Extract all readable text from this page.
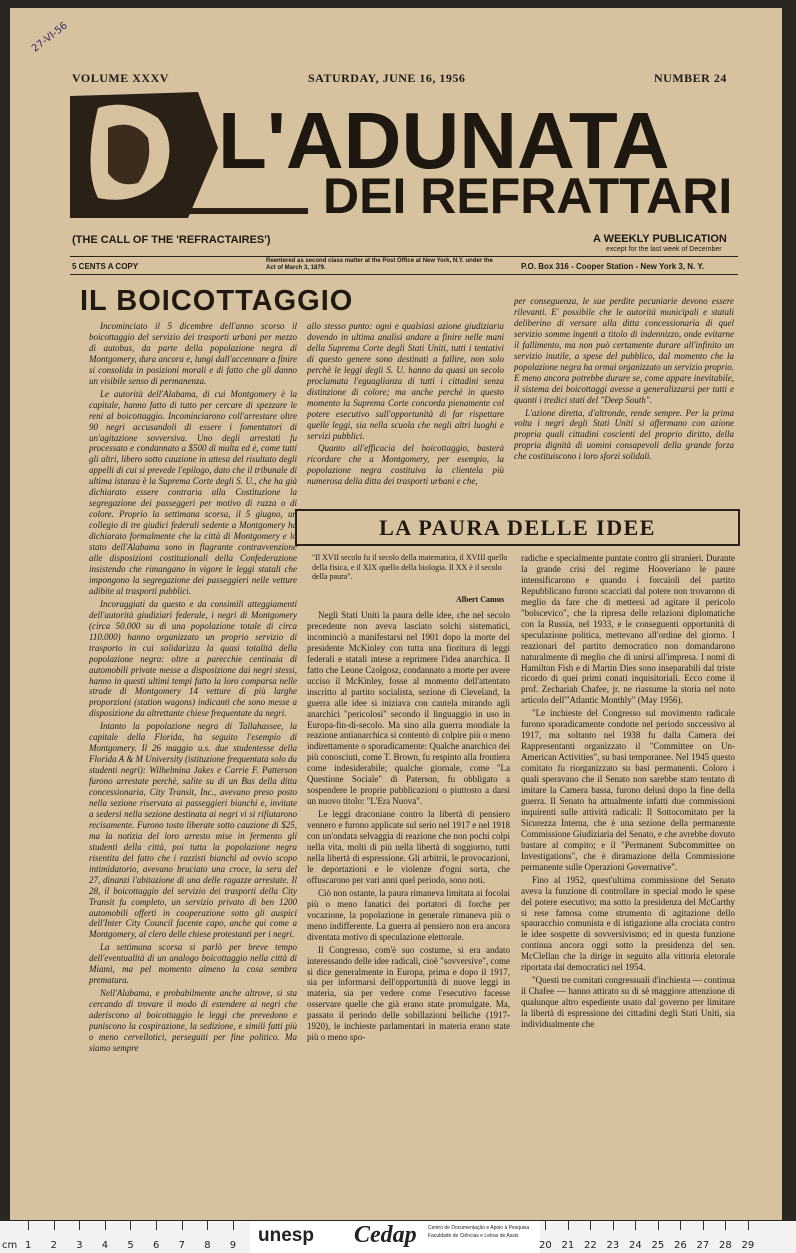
27-VI-56
VOLUME XXXV	SATURDAY, JUNE 16, 1956	NUMBER 24
L'ADUNATA
DEI REFRATTARI
(THE CALL OF THE 'REFRACTAIRES')	A WEEKLY PUBLICATION
except for the last week of December
5 CENTS A COPY
Reentered as second class matter at the Post Office at New York, N.Y. under the Act of March 3, 1879.	P.O. Box 316 - Cooper Station - New York 3, N. Y.
IL BOICOTTAGGIO

Incominciato il 5 dicembre dell'anno scorso il boicottaggio del servizio dei trasporti urbani per mezzo di autobus, da parte della popolazione negra di Montgomery, dura ancora e, lungi dall'accennare a finire si consolida in posizioni morali e di fatto che gli danno un visibile senso di permanenza.

Le autorità dell'Alabama, di cui Montgomery è la capitale, hanno fatto di tutto per cercare di spezzare le reni al boicottaggio. Incominciarono coll'arrestare oltre 90 negri accusandoli di essere i fomentatori di un'agitazione sovversiva. Uno degli arrestati fu processato e condannato a $500 di multa ed è, come tutti gli altri, libero sotto cauzione in attesa del risultato degli appelli di cui si prevede l'epilogo, dato che il tribunale di ultima istanza è la Suprema Corte degli S. U., che ha già dichiarato essere contraria alla Costituzione la segregazione dei passeggeri per motivo di razza o di colore. Proprio la settimana scorsa, il 5 giugno, un collegio di tre giudici federali sedente a Montgomery ha dichiarato formalmente che la città di Montgomery e lo stato dell'Alabama sono in flagrante contravvenzione alle disposizioni costituzionali della Confederazione insistendo che rimangano in vigore le leggi statali che impongono la segregazione dei passeggieri nelle vetture adibite al trasporti pubblici.

Incoraggiati da questo e da consimili atteggiamenti dell'autorità giudiziari federale, i negri di Montgomery (circa 50.000 su di una popolazione totale di circa 110.000) hanno organizzato un proprio servizio di trasporto in cui solidarizza la quasi totalità della popolazione negra: oltre a parecchie centinaia di automobili private messe a disposizione dai negri stessi, hanno in questi ultimi tempi fatto la loro comparsa nelle strade di Montgomery 14 vetture di più larghe proporzioni (station wagons) indicanti che sono messe a disposizione da altrettante chiese frequentate da negri.

Intanto la popolazione negra di Tallahassee, la capitale della Florida, ha seguito l'esempio di Montgomery. Il 26 maggio u.s. due studentesse della Florida A & M University (istituzione frequentata solo da studenti negri): Wilhelmina Jakes e Carrie F. Patterson furono arrestate perchè, salite su di un Bus della ditta concessionaria, City Transit, Inc., avevano preso posto nella sezione riservata ai passeggieri bianchi e, invitate a sedersi nella sezione destinata ai negri vi si rifiutarono recisamente. Furono tosto liberate sotto cauzione di $25, ma la notizia del loro arresto mise in fermento gli studenti della città, poi tutta la popolazione negra risentita del fatto che i razzisti bianchi ad ovvio scopo intimidatorio, avevano bruciato una croce, la sera del 27, dinanzi l'abitazione di una delle ragazze arrestate. Il 28, il boicottaggio del servizio dei trasporti della City Transit fu completo, un servizio privato di ben 1200 automobili offerti in cooperazione sotto gli auspici dell'Inter City Council facente capo, anche qui come a Montgomery, al clero delle chiese protestanti per i negri.

La settimana scorsa si parlò per breve tempo dell'eventualità di un analogo boicottaggio nella città di Miami, ma pel momento almeno la cosa sembra prematura.

Nell'Alabama, e probabilmente anche altrove, si sta cercando di trovare il modo di estendere ai negri che aderiscono al boicottaggio le leggi che prevedono e puniscono la cospirazione, la sedizione, e simili fatti più o meno cervellotici, perseguiti per fine politico. Ma siamo sempre

allo stesso punto: ogni e qualsiasi azione giudiziaria dovendo in ultima analisi andare a finire nelle mani della Suprema Corte degli Stati Uniti, tutti i tentativi di questo genere sono destinati a fallire, non solo perchè le leggi degli S. U. hanno da quasi un secolo proclamata l'eguaglianza di tutti i cittadini senza distinzione di colore; ma anche perchè in questo momento la Suprema Corte concorda pienamente col potere esecutivo sull'opportunità di far rispettare quelle leggi, sia nella scuola che negli altri luoghi e servizi pubblici.

Quanto all'efficacia del boicottaggio, basterà ricordare che a Montgomery, per esempio, la popolazione negra costituiva la clientela più numerosa della ditta dei trasporti urbani e che,

per conseguenza, le sue perdite pecuniarie devono essere rilevanti. E' possibile che le autorità municipali e statali deliberino di versare alla ditta concessionaria di quel servizio somme ingenti a titolo di indennizzo, onde evitarne il fallimento, ma non può certamente durare all'infinito un servizio inutile, a spese del pubblico, dal momento che la popolazione negra ha ormai organizzato un servizio proprio. E meno ancora potrebbe durare se, come appare inevitabile, il sistema dei boicottaggi avesse a generalizzarsi per tutti e quanti i tredici stati del "Deep South".

L'azione diretta, d'altronde, rende sempre. Per la prima volta i negri degli Stati Uniti si affermano con azione propria quali cittadini coscienti del proprio diritto, della propria dignità di uomini consapevoli della grande forza che costituiscono i loro sforzi solidali.

LA PAURA DELLE IDEE
"Il XVII secolo fu il secolo della matematica, il XVIII quello della fisica, e il XIX quello della biologia. Il XX è il secolo della paura".
Albert Camus

Negli Stati Uniti la paura delle idee, che nel secolo precedente non aveva lasciato solchi sistematici, incominciò a manifestarsi nel 1901 dopo la morte del presidente McKinley con tutta una fioritura di leggi federali e statali intese a reprimere l'idea anarchica. Il fatto che Leone Czolgosz, condannato a morte per avere ucciso il McKinley, fosse al momento dell'attentato inscritto al partito socialista, sezione di Cleveland, la guerra alle idee si iniziava con cautela mirando agli anarchici "pericolosi" secondo il linguaggio in uso in Europa-fin-di-secolo. Ma sino alla guerra mondiale la reazione antianarchica si contentò di colpire più o meno indirettamente o sporadicamente: Qualche anarchico dei più conosciuti, come T. Brown, fu respinto alla frontiera come indesiderabile; qualche giornale, come "La Questione Sociale" di Paterson, fu obbligato a sospendere le proprie pubblicazioni o piuttosto a darsi un nuovo titolo: "L'Era Nuova".

Le leggi draconiane contro la libertà di pensiero vennero e furono applicate sul serio nel 1917 e nel 1918 con un'ondata selvaggia di reazione che non pochi colpì nella vita, molti di più nella libertà di soggiorno, tutti nella libertà di espressione. Gli arbitrii, le provocazioni, le deportazioni e le violenze d'ogni sorta, che offuscarono per vari anni quel periodo, sono noti.

Ciò non ostante, la paura rimaneva limitata ai focolai più o meno fanatici dei portatori di forche per vocazione, la popolazione in generale rimaneva più o meno indifferente. La guerra al pensiero non era ancora diventata motivo di speculazione elettorale.

Il Congresso, com'è suo costume, si era andato interessando delle idee radicali, cioè "sovversive", come si dice generalmente in Europa, prima e dopo il 1917, sia per informarsi dell'opportunità di nuove leggi in materia, sia per vedere come l'esecutivo facesse osservare quelle che già erano state promulgate. Ma, passato il periodo delle sobillazioni belliche (1917-1920), le inchieste parlamentari in materia erano state più o meno spo-

radiche e specialmente puntate contro gli stranieri. Durante la grande crisi del regime Hooveriano le paure intensificarono e quando i forcaioli del partito Repubblicano furono scacciati dal potere non trovarono di meglio da fare che di mettersi ad agitare il pericolo "bolscevico", che la ripresa delle relazioni diplomatiche con la Russia, nel 1933, e le conseguenti opportunità di speculazione politica, mettevano all'ordine del giorno. I reazionari del partito democratico non domandarono naturalmente di meglio che di unirsi all'impresa. I nomi di Hamilton Fish e di Martin Dies sono inseparabili dal triste ricordo di quei primi conati inquisitoriali. Ecco come il prof. Zechariah Chafee, jr. ne riassume la storia nel noto articolo dell'"Atlantic Monthly" (May 1956).

"Le inchieste del Congresso sul movimento radicale furono sporadicamente condotte nel periodo successivo al 1917, ma soltanto nel 1938 fu dalla Camera dei Rappresentanti organizzato il "Committee on Un-American Activities", su basi temporanee. Nel 1945 questo comitato fu riorganizzato su basi permanenti. Coloro i quali speravano che il Senato non sarebbe stato tentato di imitare la Camera bassa, furono delusi dopo la fine della guerra. Il Senato ha attualmente infatti due commissioni inquirenti sulle attività radicali: Il Sottocomitato per la Sicurezza Interna, che è una sezione della permanente Commissione Giudiziaria del Senato, e che avrebbe dovuto bastare al compito; e il "Permanent Subcommittee on Investigations", che è diramazione della Commissione permanente sulle Operazioni Governative".

Fino al 1952, quest'ultima commissione del Senato aveva la funzione di controllare in special modo le spese del potere esecutivo; ma sotto la presidenza del McCarthy si rese famosa come strumento di agitazione dello spauracchio comunista e di istigazione alla crociata contro le idee sospette di sovversivismo; ed in questa funzione continua ancora oggi sotto la presidenza del sen. McClellan che la dirige in seguito alla vittoria eletorale riportata dai democratici nel 1954.

"Questi tre comitati congressuali d'inchiesta — continua il Chafee — hanno attirato su di sè maggiore attenzione di qualunque altro espediente usato dal governo per limitare la libertà di espressione dei cittadini degli Stati Uniti, sia individualmente che

unesp Cedap Centro de Documentação e Apoio à Pesquisa
Faculdade de Ciências e Letras de Assis
cm 1 2 3 4 5 6 7 8 9	20 21 22 23 24 25 26 27 28 29
